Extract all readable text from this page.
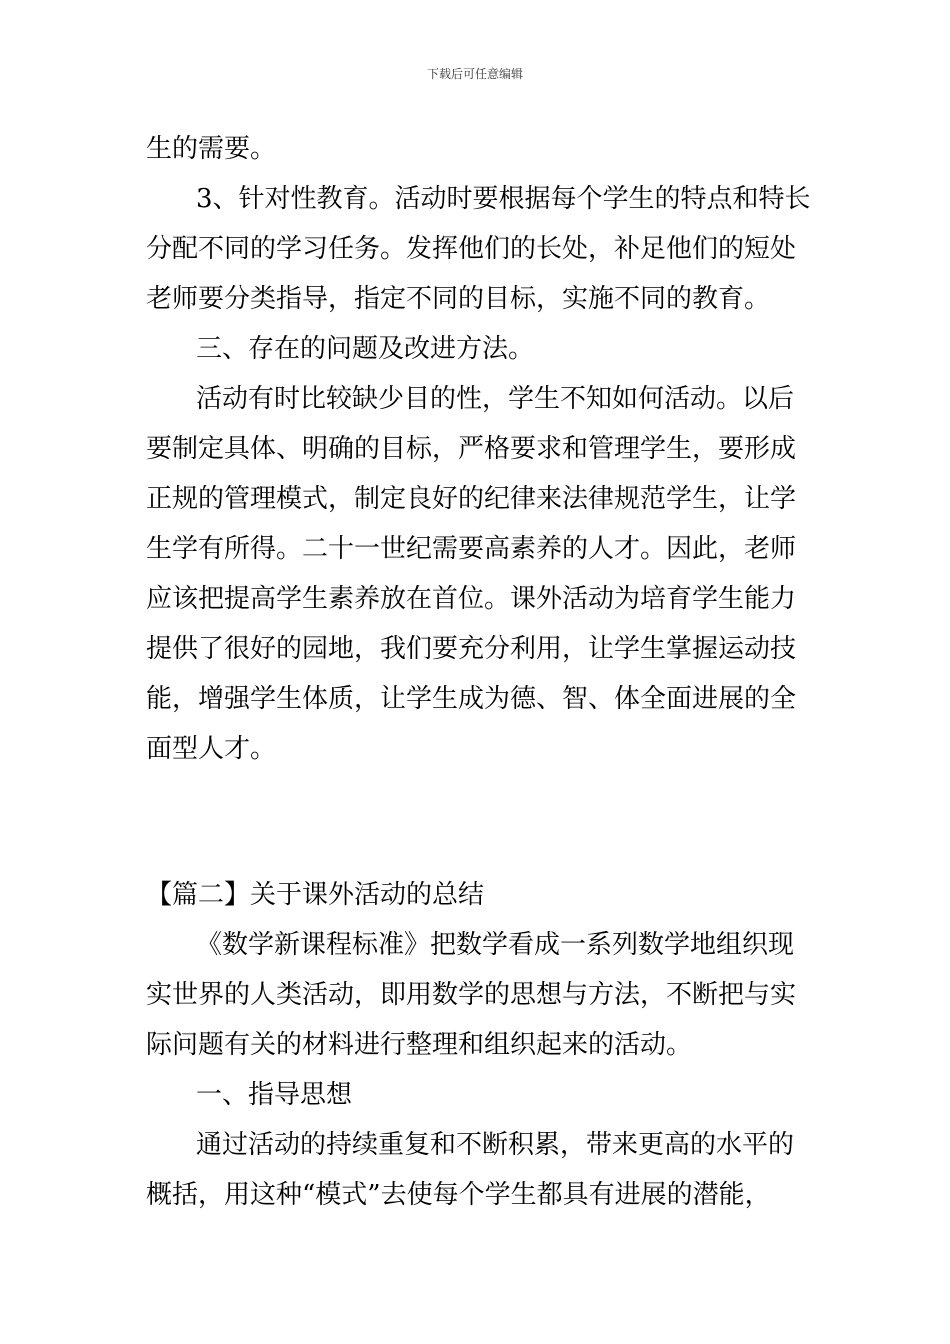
下载后可任意编辑
生的需要。
3、针对性教育。活动时要根据每个学生的特点和特长
分配不同的学习任务。发挥他们的长处，补足他们的短处
老师要分类指导，指定不同的目标，实施不同的教育。
三、存在的问题及改进方法。
活动有时比较缺少目的性，学生不知如何活动。以后
要制定具体、明确的目标，严格要求和管理学生，要形成
正规的管理模式，制定良好的纪律来法律规范学生，让学
生学有所得。二十一世纪需要高素养的人才。因此，老师
应该把提高学生素养放在首位。课外活动为培育学生能力
提供了很好的园地，我们要充分利用，让学生掌握运动技
能，增强学生体质，让学生成为德、智、体全面进展的全
面型人才。
【篇二】关于课外活动的总结
《数学新课程标准》把数学看成一系列数学地组织现
实世界的人类活动，即用数学的思想与方法，不断把与实
际问题有关的材料进行整理和组织起来的活动。
一、指导思想
通过活动的持续重复和不断积累，带来更高的水平的
概括，用这种“模式”去使每个学生都具有进展的潜能，
